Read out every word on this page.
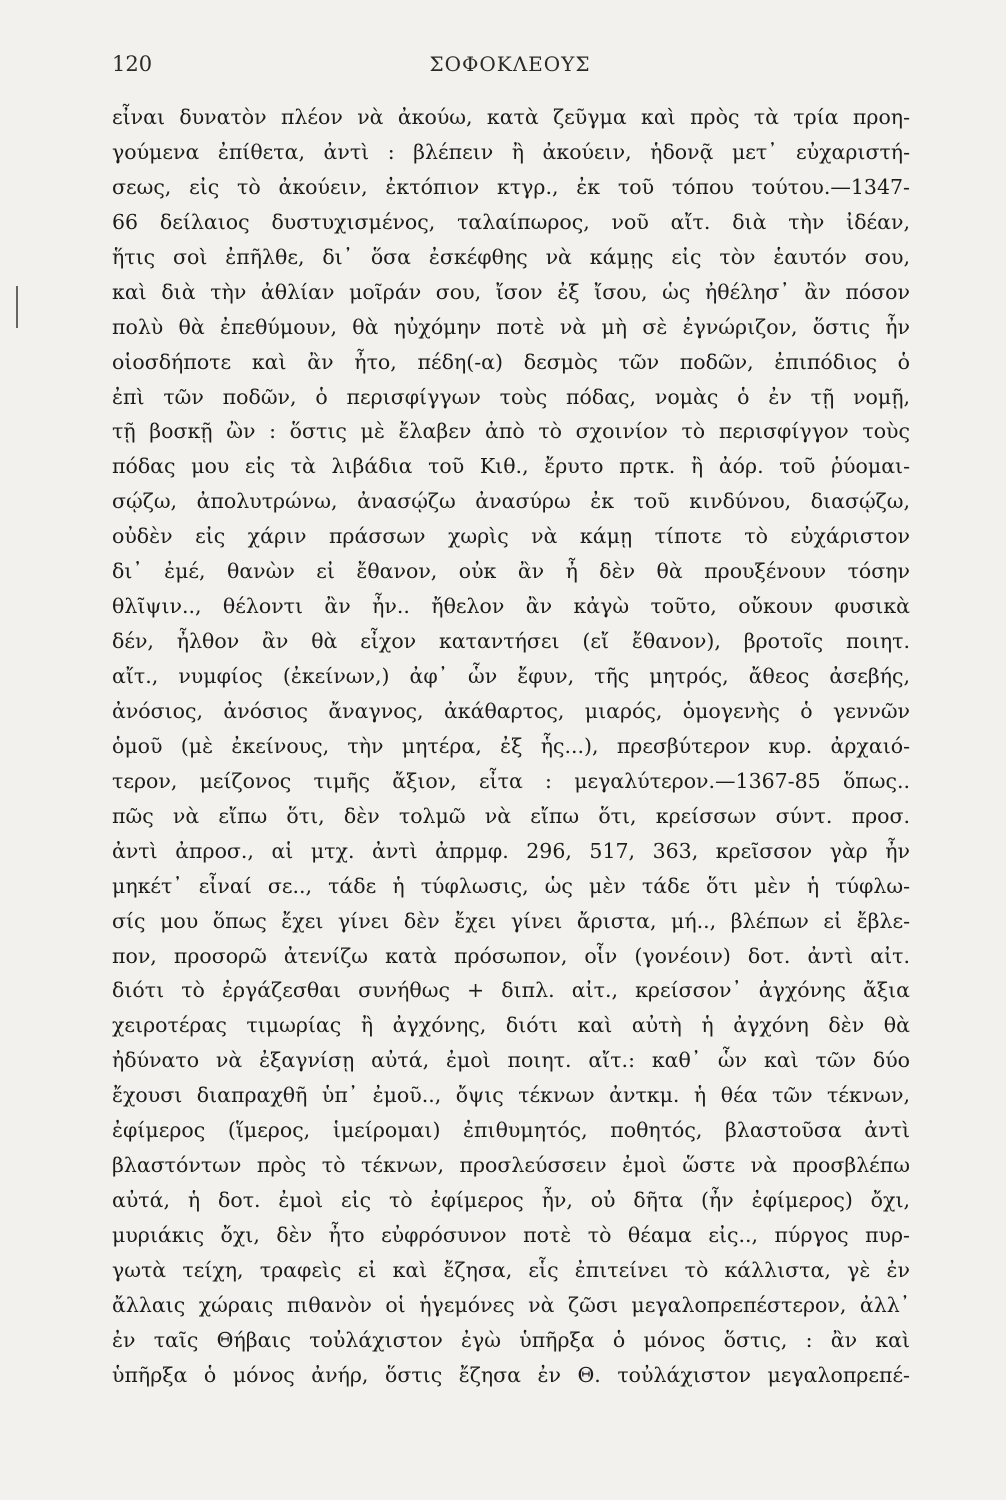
120	ΣΟΦΟΚΛΕΟΥΣ
εἶναι δυνατὸν πλέον νὰ ἀκούω, κατὰ ζεῦγμα καὶ πρὸς τὰ τρία προη-
γούμενα ἐπίθετα, ἀντὶ : βλέπειν ἢ ἀκούειν, ἡδονᾷ μετ᾿ εὐχαριστή-
σεως, εἰς τὸ ἀκούειν, ἐκτόπιον κτγρ., ἐκ τοῦ τόπου τούτου.—1347-
66 δείλαιος δυστυχισμένος, ταλαίπωρος, νοῦ αἴτ. διὰ τὴν ἰδέαν,
ἥτις σοὶ ἐπῆλθε, δι᾿ ὅσα ἐσκέφθης νὰ κάμῃς εἰς τὸν ἑαυτόν σου,
καὶ διὰ τὴν ἀθλίαν μοῖράν σου, ἴσον ἐξ ἴσου, ὡς ἠθέλησ᾿ ἂν πόσον
πολὺ θὰ ἐπεθύμουν, θὰ ηὐχόμην ποτὲ νὰ μὴ σὲ ἐγνώριζον, ὅστις ἦν
οἱοσδήποτε καὶ ἂν ἦτο, πέδη(-α) δεσμὸς τῶν ποδῶν, ἐπιπόδιος ὁ
ἐπὶ τῶν ποδῶν, ὁ περισφίγγων τοὺς πόδας, νομὰς ὁ ἐν τῇ νομῇ,
τῇ βοσκῇ ὢν : ὅστις μὲ ἔλαβεν ἀπὸ τὸ σχοινίον τὸ περισφίγγον τοὺς
πόδας μου εἰς τὰ λιβάδια τοῦ Κιθ., ἔρυτο πρτκ. ἢ ἀόρ. τοῦ ῥύομαι-
σῴζω, ἀπολυτρώνω, ἀνασῴζω ἀνασύρω ἐκ τοῦ κινδύνου, διασῴζω,
οὐδὲν εἰς χάριν πράσσων χωρὶς νὰ κάμῃ τίποτε τὸ εὐχάριστον
δι᾿ ἐμέ, θανὼν εἰ ἔθανον, οὐκ ἂν ἦ δὲν θὰ προυξένουν τόσην
θλῖψιν.., θέλοντι ἂν ἦν.. ἤθελον ἂν κἀγὼ τοῦτο, οὔκουν φυσικὰ
δέν, ἦλθον ἂν θὰ εἶχον καταντήσει (εἴ ἔθανον), βροτοῖς ποιητ.
αἴτ., νυμφίος (ἐκείνων,) ἀφ᾿ ὧν ἔφυν, τῆς μητρός, ἄθεος ἀσεβής,
ἀνόσιος, ἀνόσιος ἄναγνος, ἀκάθαρτος, μιαρός, ὁμογενὴς ὁ γεννῶν
ὁμοῦ (μὲ ἐκείνους, τὴν μητέρα, ἐξ ἧς...), πρεσβύτερον κυρ. ἀρχαιό-
τερον, μείζονος τιμῆς ἄξιον, εἶτα : μεγαλύτερον.—1367-85 ὅπως..
πῶς νὰ εἴπω ὅτι, δὲν τολμῶ νὰ εἴπω ὅτι, κρείσσων σύντ. προσ.
ἀντὶ ἀπροσ., αἱ μτχ. ἀντὶ ἀπρμφ. 296, 517, 363, κρεῖσσον γὰρ ἦν
μηκέτ᾿ εἶναί σε.., τάδε ἡ τύφλωσις, ὡς μὲν τάδε ὅτι μὲν ἡ τύφλω-
σίς μου ὅπως ἔχει γίνει δὲν ἔχει γίνει ἄριστα, μή.., βλέπων εἰ ἔβλε-
πον, προσορῶ ἀτενίζω κατὰ πρόσωπον, οἷν (γονέοιν) δοτ. ἀντὶ αἰτ.
διότι τὸ ἐργάζεσθαι συνήθως + διπλ. αἰτ., κρείσσον᾿ ἀγχόνης ἄξια
χειροτέρας τιμωρίας ἢ ἀγχόνης, διότι καὶ αὐτὴ ἡ ἀγχόνη δὲν θὰ
ἠδύνατο νὰ ἐξαγνίσῃ αὐτά, ἐμοὶ ποιητ. αἴτ.: καθ᾿ ὧν καὶ τῶν δύο
ἔχουσι διαπραχθῆ ὑπ᾿ ἐμοῦ.., ὄψις τέκνων ἀντκμ. ἡ θέα τῶν τέκνων,
ἐφίμερος (ἵμερος, ἱμείρομαι) ἐπιθυμητός, ποθητός, βλαστοῦσα ἀντὶ
βλαστόντων πρὸς τὸ τέκνων, προσλεύσσειν ἐμοὶ ὥστε νὰ προσβλέπω
αὐτά, ἡ δοτ. ἐμοὶ εἰς τὸ ἐφίμερος ἦν, οὐ δῆτα (ἦν ἐφίμερος) ὄχι,
μυριάκις ὄχι, δὲν ἦτο εὐφρόσυνον ποτὲ τὸ θέαμα εἰς.., πύργος πυρ-
γωτὰ τείχη, τραφεὶς εἰ καὶ ἔζησα, εἷς ἐπιτείνει τὸ κάλλιστα, γὲ ἐν
ἄλλαις χώραις πιθανὸν οἱ ἡγεμόνες νὰ ζῶσι μεγαλοπρεπέστερον, ἀλλ᾿
ἐν ταῖς Θήβαις τοὐλάχιστον ἐγὼ ὑπῆρξα ὁ μόνος ὅστις, : ἂν καὶ
ὑπῆρξα ὁ μόνος ἀνήρ, ὅστις ἔζησα ἐν Θ. τοὐλάχιστον μεγαλοπρεπέ-
